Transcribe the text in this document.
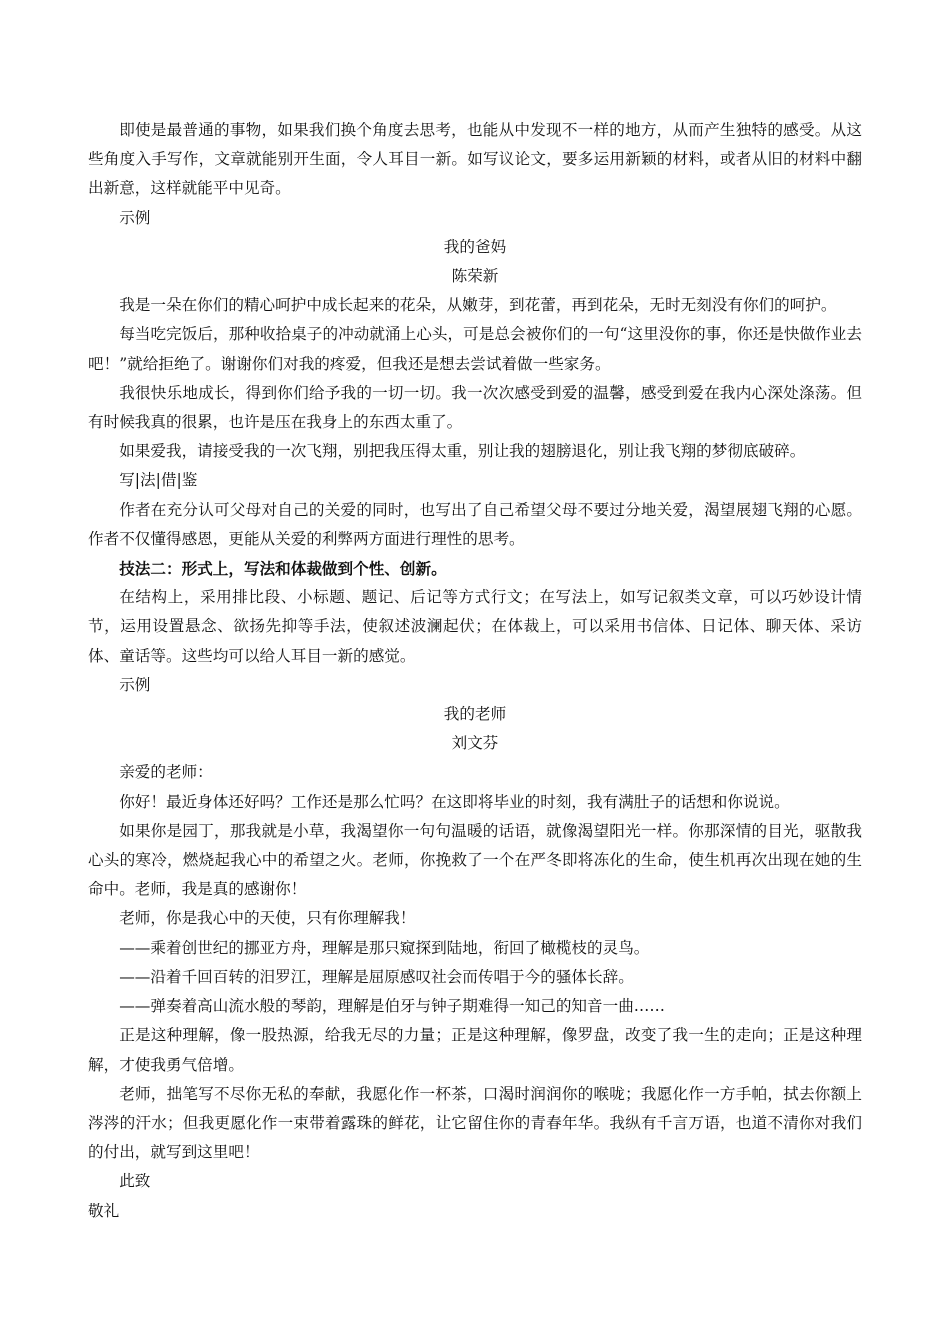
即使是最普通的事物，如果我们换个角度去思考，也能从中发现不一样的地方，从而产生独特的感受。从这些角度入手写作，文章就能别开生面，令人耳目一新。如写议论文，要多运用新颖的材料，或者从旧的材料中翻出新意，这样就能平中见奇。

示例

我的爸妈

陈荣新

我是一朵在你们的精心呵护中成长起来的花朵，从嫩芽，到花蕾，再到花朵，无时无刻没有你们的呵护。

每当吃完饭后，那种收拾桌子的冲动就涌上心头，可是总会被你们的一句“这里没你的事，你还是快做作业去吧！”就给拒绝了。谢谢你们对我的疼爱，但我还是想去尝试着做一些家务。

我很快乐地成长，得到你们给予我的一切一切。我一次次感受到爱的温馨，感受到爱在我内心深处涤荡。但有时候我真的很累，也许是压在我身上的东西太重了。

如果爱我，请接受我的一次飞翔，别把我压得太重，别让我的翅膀退化，别让我飞翔的梦彻底破碎。

写|法|借|鉴

作者在充分认可父母对自己的关爱的同时，也写出了自己希望父母不要过分地关爱，渴望展翅飞翔的心愿。作者不仅懂得感恩，更能从关爱的利弊两方面进行理性的思考。

技法二：形式上，写法和体裁做到个性、创新。

在结构上，采用排比段、小标题、题记、后记等方式行文；在写法上，如写记叙类文章，可以巧妙设计情节，运用设置悬念、欲扬先抑等手法，使叙述波澜起伏；在体裁上，可以采用书信体、日记体、聊天体、采访体、童话等。这些均可以给人耳目一新的感觉。

示例

我的老师

刘文芬

亲爱的老师：

你好！最近身体还好吗？工作还是那么忙吗？在这即将毕业的时刻，我有满肚子的话想和你说说。

如果你是园丁，那我就是小草，我渴望你一句句温暖的话语，就像渴望阳光一样。你那深情的目光，驱散我心头的寒冷，燃烧起我心中的希望之火。老师，你挽救了一个在严冬即将冻化的生命，使生机再次出现在她的生命中。老师，我是真的感谢你！

老师，你是我心中的天使，只有你理解我！

——乘着创世纪的挪亚方舟，理解是那只窥探到陆地，衔回了橄榄枝的灵鸟。

——沿着千回百转的汨罗江，理解是屈原感叹社会而传唱于今的骚体长辞。

——弹奏着高山流水般的琴韵，理解是伯牙与钟子期难得一知己的知音一曲……

正是这种理解，像一股热源，给我无尽的力量；正是这种理解，像罗盘，改变了我一生的走向；正是这种理解，才使我勇气倍增。

老师，拙笔写不尽你无私的奉献，我愿化作一杯茶，口渴时润润你的喉咙；我愿化作一方手帕，拭去你额上涔涔的汗水；但我更愿化作一束带着露珠的鲜花，让它留住你的青春年华。我纵有千言万语，也道不清你对我们的付出，就写到这里吧！

此致

敬礼
